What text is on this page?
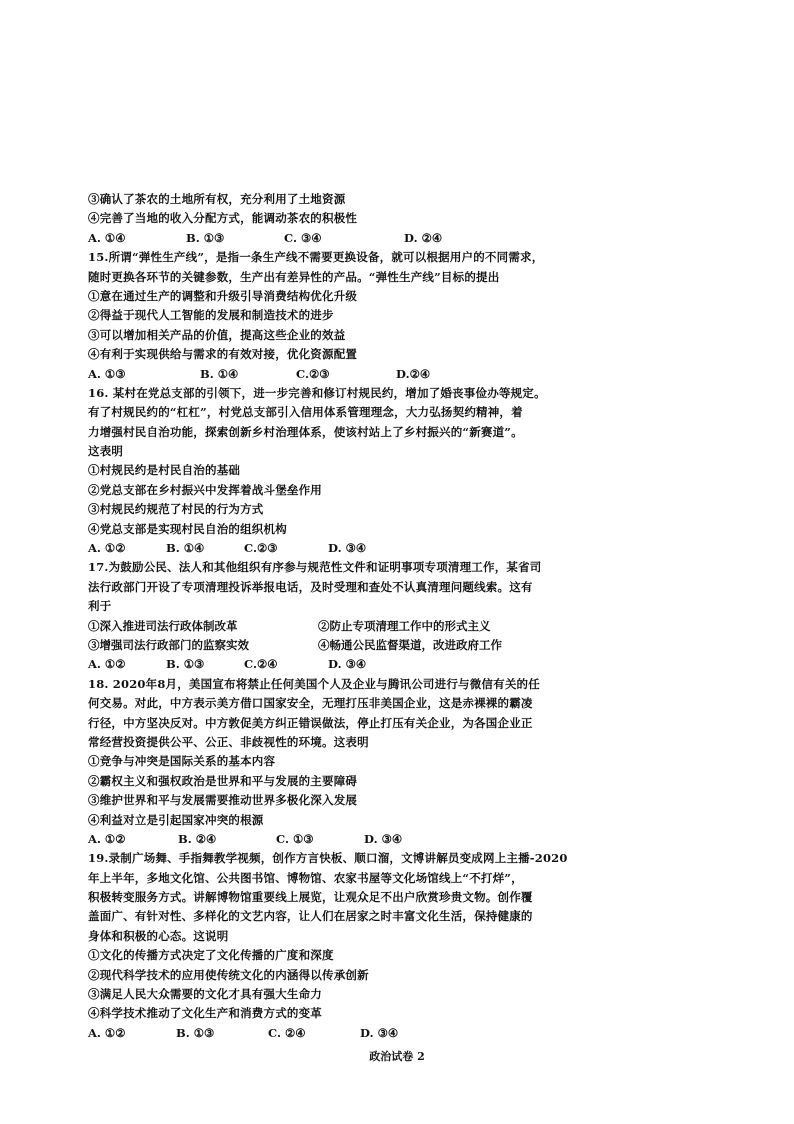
③确认了茶农的土地所有权，充分利用了土地资源
④完善了当地的收入分配方式，能调动茶农的积极性
A. ①④	B. ①③	C. ③④	D. ②④
15.所谓“弹性生产线”，是指一条生产线不需要更换设备，就可以根据用户的不同需求，
随时更换各环节的关键参数，生产出有差异性的产品。“弹性生产线”目标的提出
①意在通过生产的调整和升级引导消费结构优化升级
②得益于现代人工智能的发展和制造技术的进步
③可以增加相关产品的价值，提高这些企业的效益
④有利于实现供给与需求的有效对接，优化资源配置
A. ①③	B. ①④	C.②③	D.②④
16. 某村在党总支部的引领下，进一步完善和修订村规民约，增加了婚丧事俭办等规定。
有了村规民约的“杠杠”，村党总支部引入信用体系管理理念，大力弘扬契约精神，着
力增强村民自治功能，探索创新乡村治理体系，使该村站上了乡村振兴的“新赛道”。
这表明
①村规民约是村民自治的基础
②党总支部在乡村振兴中发挥着战斗堡垒作用
③村规民约规范了村民的行为方式
④党总支部是实现村民自治的组织机构
A. ①②	B. ①④	C.②③	D. ③④
17.为鼓励公民、法人和其他组织有序参与规范性文件和证明事项专项清理工作，某省司
法行政部门开设了专项清理投诉举报电话，及时受理和查处不认真清理问题线索。这有
利于
①深入推进司法行政体制改革	②防止专项清理工作中的形式主义
③增强司法行政部门的监察实效	④畅通公民监督渠道，改进政府工作
A. ①②	B. ①③	C.②④	D. ③④
18. 2020年8月，美国宣布将禁止任何美国个人及企业与腾讯公司进行与微信有关的任
何交易。对此，中方表示美方借口国家安全，无理打压非美国企业，这是赤裸裸的霸凌
行径，中方坚决反对。中方敦促美方纠正错误做法，停止打压有关企业，为各国企业正
常经营投资提供公平、公正、非歧视性的环境。这表明
①竞争与冲突是国际关系的基本内容
②霸权主义和强权政治是世界和平与发展的主要障碍
③维护世界和平与发展需要推动世界多极化深入发展
④利益对立是引起国家冲突的根源
A. ①②	B. ②④	C. ①③	D. ③④
19.录制广场舞、手指舞教学视频，创作方言快板、顺口溜，文博讲解员变成网上主播-2020
年上半年，多地文化馆、公共图书馆、博物馆、农家书屋等文化场馆线上“不打烊”，
积极转变服务方式。讲解博物馆重要线上展览，让观众足不出户欣赏珍贵文物。创作覆
盖面广、有针对性、多样化的文艺内容，让人们在居家之时丰富文化生活，保持健康的
身体和积极的心态。这说明
①文化的传播方式决定了文化传播的广度和深度
②现代科学技术的应用使传统文化的内涵得以传承创新
③满足人民大众需要的文化才具有强大生命力
④科学技术推动了文化生产和消费方式的变革
A. ①②	B. ①③	C. ②④	D. ③④
政治试卷 2
